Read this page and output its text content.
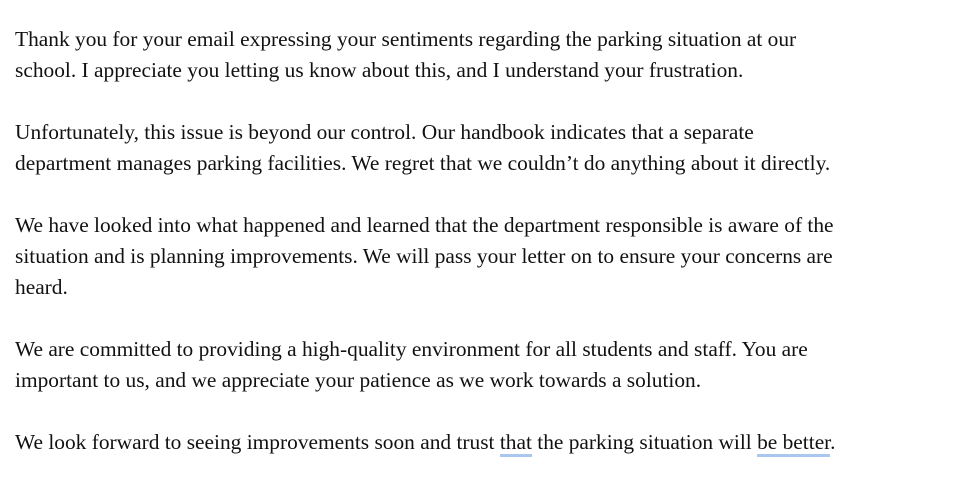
Thank you for your email expressing your sentiments regarding the parking situation at our
school. I appreciate you letting us know about this, and I understand your frustration.

Unfortunately, this issue is beyond our control. Our handbook indicates that a separate
department manages parking facilities. We regret that we couldn’t do anything about it directly.

We have looked into what happened and learned that the department responsible is aware of the
situation and is planning improvements. We will pass your letter on to ensure your concerns are
heard.

We are committed to providing a high-quality environment for all students and staff. You are
important to us, and we appreciate your patience as we work towards a solution.

We look forward to seeing improvements soon and trust that the parking situation will be better.
